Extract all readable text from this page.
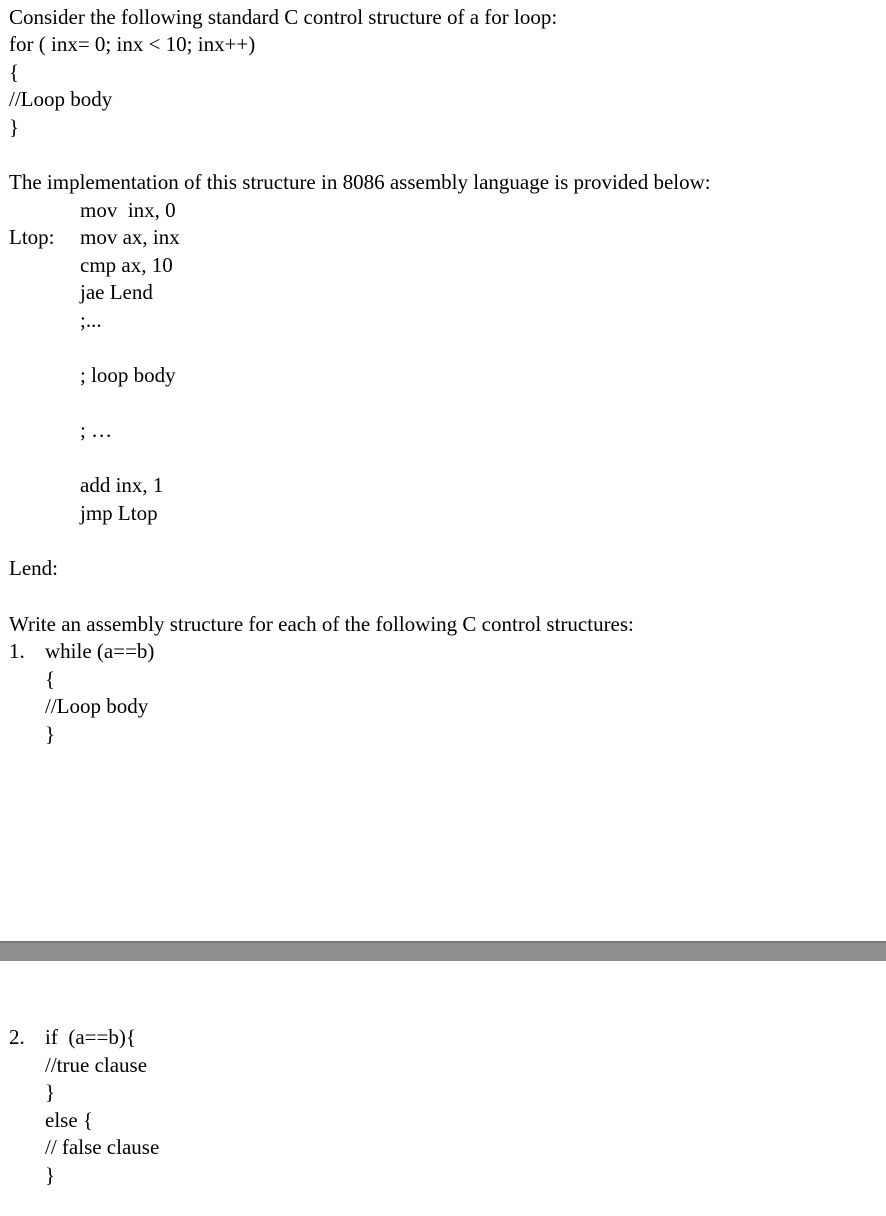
Consider the following standard C control structure of a for loop:
for ( inx= 0; inx < 10; inx++)
{
//Loop body
}
The implementation of this structure in 8086 assembly language is provided below:
mov  inx, 0
Ltop: mov ax, inx
cmp ax, 10
jae Lend
;...
; loop body
; …
add inx, 1
jmp Ltop
Lend:
Write an assembly structure for each of the following C control structures:
1. while (a==b)
{
//Loop body
}
2. if  (a==b){
//true clause
}
else {
// false clause
}
